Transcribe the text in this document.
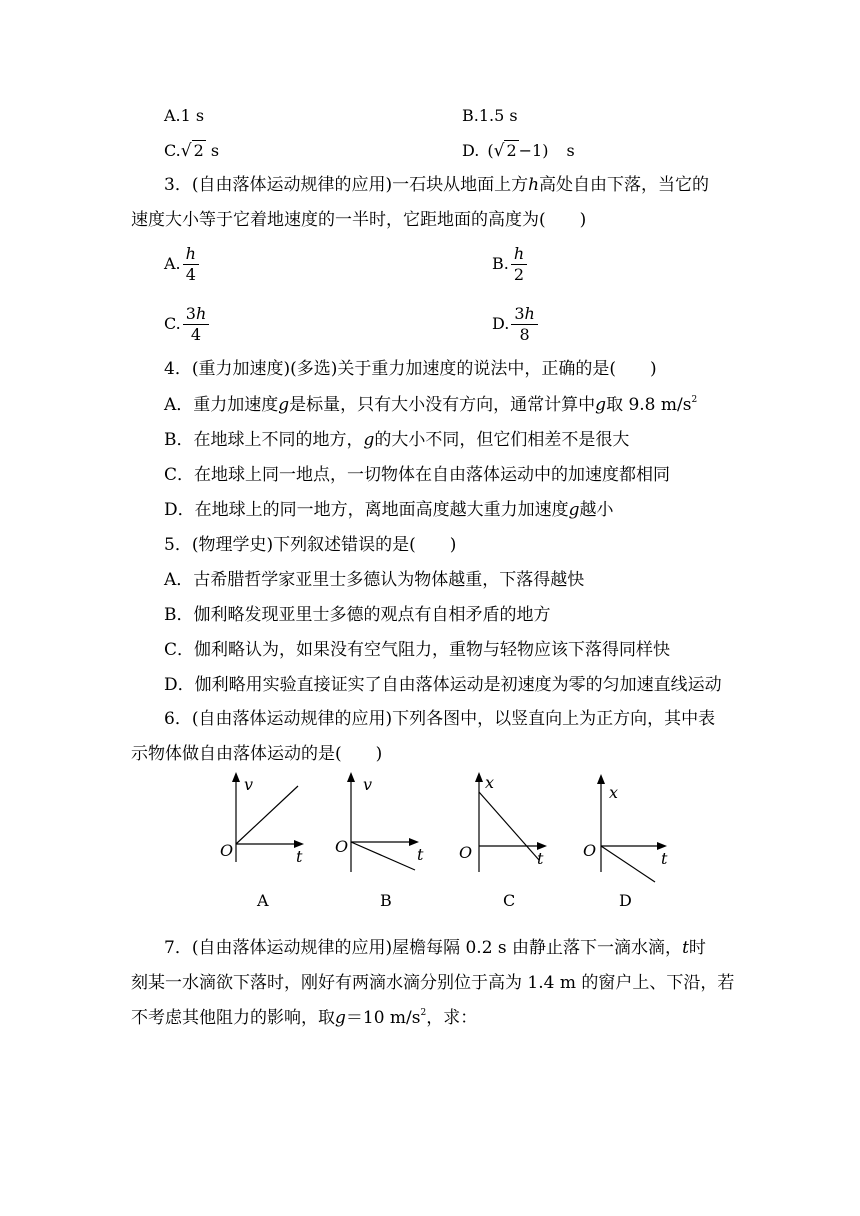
A.1 s	B.1.5 s
C.√ 2 s	D. (√ 2 −1) s
3．(自由落体运动规律的应用)一石块从地面上方h高处自由下落，当它的
速度大小等于它着地速度的一半时，它距地面的高度为(　　)
A. $\frac{h}{4}$	B. $\frac{h}{2}$
C. $\frac{3h}{4}$	D. $\frac{3h}{8}$
4．(重力加速度)(多选)关于重力加速度的说法中，正确的是(　　)
A．重力加速度g是标量，只有大小没有方向，通常计算中g取 9.8 $m/s^2$
B．在地球上不同的地方，g的大小不同，但它们相差不是很大
C．在地球上同一地点，一切物体在自由落体运动中的加速度都相同
D．在地球上的同一地方，离地面高度越大重力加速度g越小
5．(物理学史)下列叙述错误的是(　　)
A．古希腊哲学家亚里士多德认为物体越重，下落得越快
B．伽利略发现亚里士多德的观点有自相矛盾的地方
C．伽利略认为，如果没有空气阻力，重物与轻物应该下落得同样快
D．伽利略用实验直接证实了自由落体运动是初速度为零的匀加速直线运动
6．(自由落体运动规律的应用)下列各图中，以竖直向上为正方向，其中表
示物体做自由落体运动的是(　　)
v
t
O
A
v
t
O
B
x
t
O
C
x
t
O
D
7．(自由落体运动规律的应用)屋檐每隔 0.2 s 由静止落下一滴水滴，t时
刻某一水滴欲下落时，刚好有两滴水滴分别位于高为 1.4 m 的窗户上、下沿，若
不考虑其他阻力的影响，取g＝10 $m/s^2$，求：
